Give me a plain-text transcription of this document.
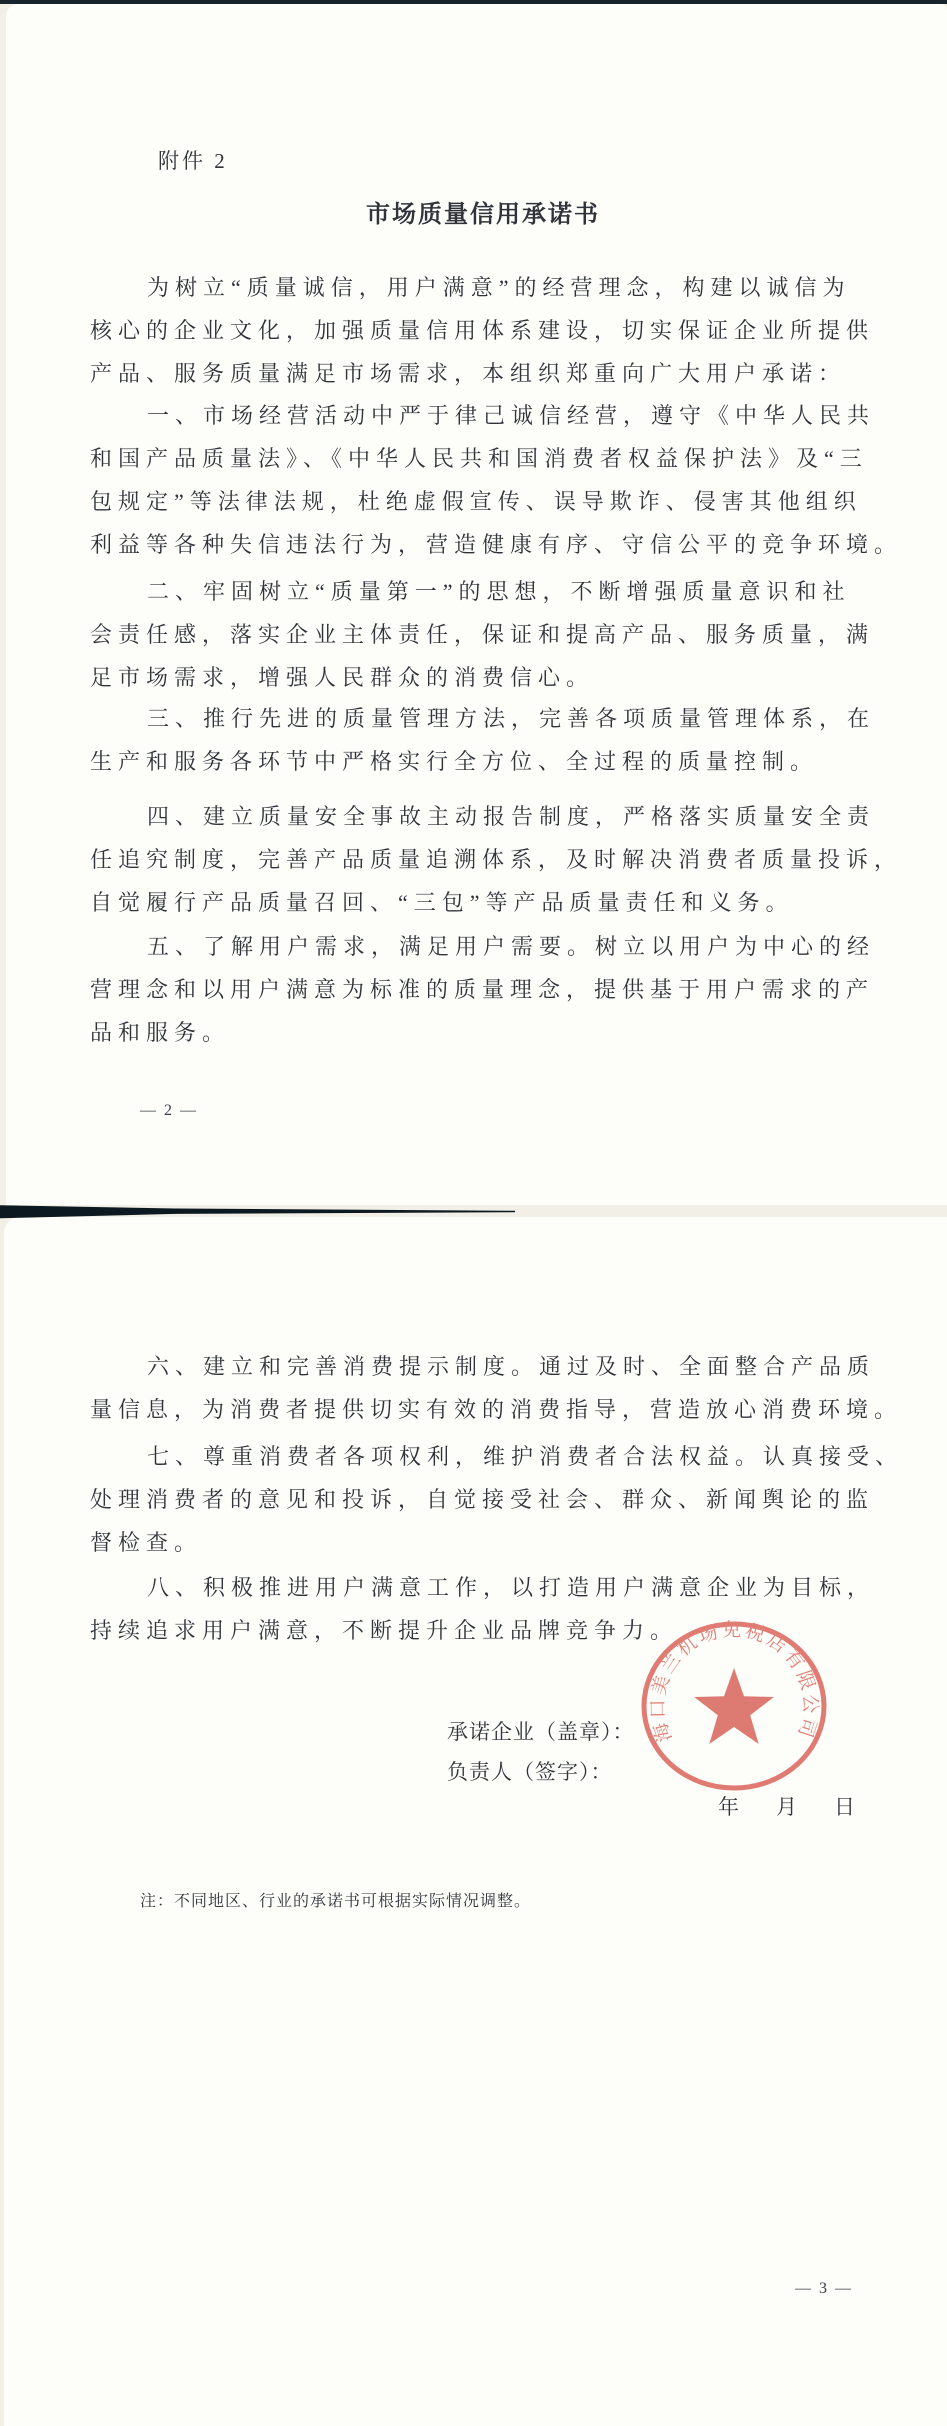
附件 2
市场质量信用承诺书
为树立“质量诚信，用户满意”的经营理念，构建以诚信为
核心的企业文化，加强质量信用体系建设，切实保证企业所提供
产品、服务质量满足市场需求，本组织郑重向广大用户承诺：
一、市场经营活动中严于律己诚信经营，遵守《中华人民共
和国产品质量法》、《中华人民共和国消费者权益保护法》及“三
包规定”等法律法规，杜绝虚假宣传、误导欺诈、侵害其他组织
利益等各种失信违法行为，营造健康有序、守信公平的竞争环境。
二、牢固树立“质量第一”的思想，不断增强质量意识和社
会责任感，落实企业主体责任，保证和提高产品、服务质量，满
足市场需求，增强人民群众的消费信心。
三、推行先进的质量管理方法，完善各项质量管理体系，在
生产和服务各环节中严格实行全方位、全过程的质量控制。
四、建立质量安全事故主动报告制度，严格落实质量安全责
任追究制度，完善产品质量追溯体系，及时解决消费者质量投诉，
自觉履行产品质量召回、“三包”等产品质量责任和义务。
五、了解用户需求，满足用户需要。树立以用户为中心的经
营理念和以用户满意为标准的质量理念，提供基于用户需求的产
品和服务。
— 2 —
六、建立和完善消费提示制度。通过及时、全面整合产品质
量信息，为消费者提供切实有效的消费指导，营造放心消费环境。
七、尊重消费者各项权利，维护消费者合法权益。认真接受、
处理消费者的意见和投诉，自觉接受社会、群众、新闻舆论的监
督检查。
八、积极推进用户满意工作，以打造用户满意企业为目标，
持续追求用户满意，不断提升企业品牌竞争力。
承诺企业（盖章）：
负责人（签字）：
年　月　日
海口美兰机场免税店有限公司
注：不同地区、行业的承诺书可根据实际情况调整。
— 3 —
